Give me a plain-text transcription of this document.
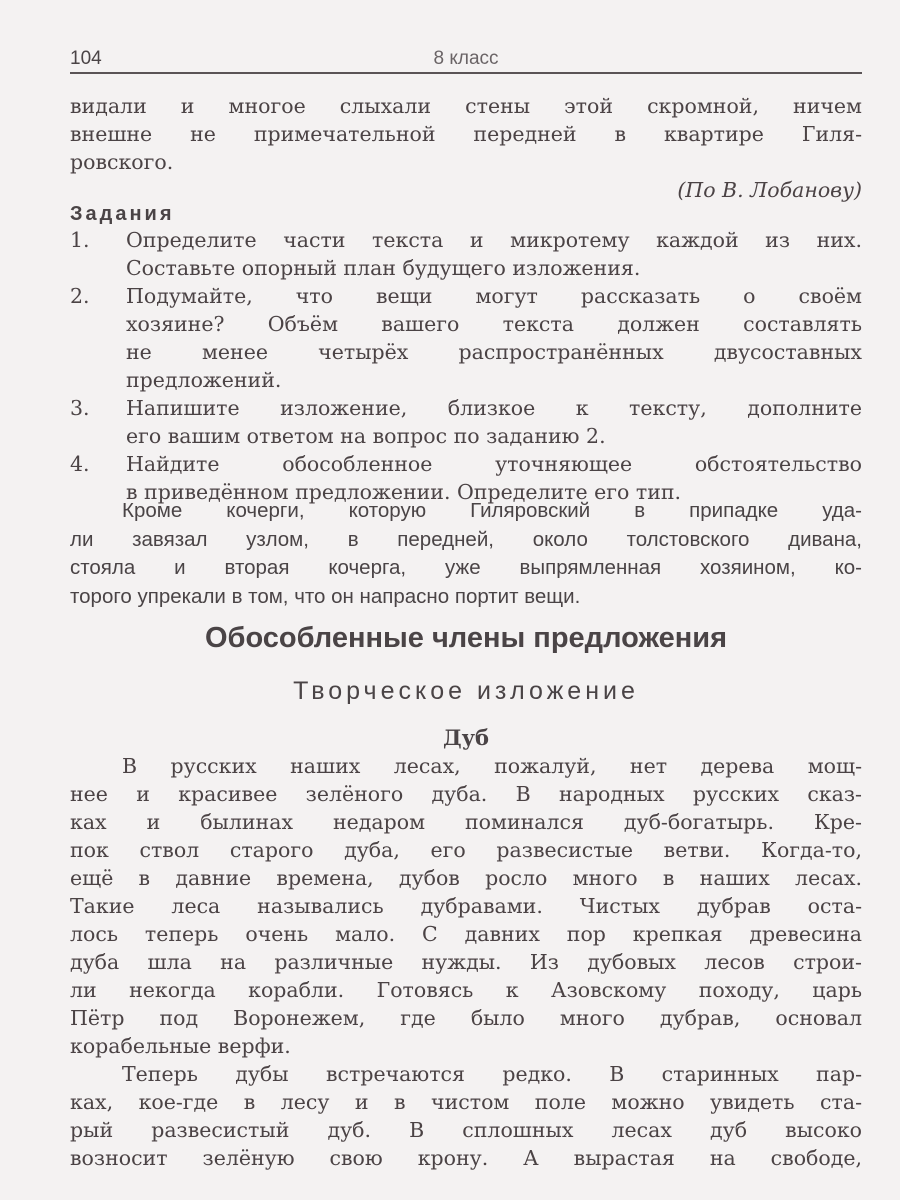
104	8 класс
видали и многое слыхали стены этой скромной, ничем
внешне не примечательной передней в квартире Гиля-
ровского.
(По В. Лобанову)
Задания
1. Определите части текста и микротему каждой из них.
Составьте опорный план будущего изложения.
2. Подумайте, что вещи могут рассказать о своём
хозяине? Объём вашего текста должен составлять
не менее четырёх распространённых двусоставных
предложений.
3. Напишите изложение, близкое к тексту, дополните
его вашим ответом на вопрос по заданию 2.
4. Найдите обособленное уточняющее обстоятельство
в приведённом предложении. Определите его тип.
Кроме кочерги, которую Гиляровский в припадке уда-
ли завязал узлом, в передней, около толстовского дивана,
стояла и вторая кочерга, уже выпрямленная хозяином, ко-
торого упрекали в том, что он напрасно портит вещи.
Обособленные члены предложения
Творческое изложение
Дуб
В русских наших лесах, пожалуй, нет дерева мощ-
нее и красивее зелёного дуба. В народных русских сказ-
ках и былинах недаром поминался дуб-богатырь. Кре-
пок ствол старого дуба, его развесистые ветви. Когда-то,
ещё в давние времена, дубов росло много в наших лесах.
Такие леса назывались дубравами. Чистых дубрав оста-
лось теперь очень мало. С давних пор крепкая древесина
дуба шла на различные нужды. Из дубовых лесов строи-
ли некогда корабли. Готовясь к Азовскому походу, царь
Пётр под Воронежем, где было много дубрав, основал
корабельные верфи.
Теперь дубы встречаются редко. В старинных пар-
ках, кое-где в лесу и в чистом поле можно увидеть ста-
рый развесистый дуб. В сплошных лесах дуб высоко
возносит зелёную свою крону. А вырастая на свободе,
